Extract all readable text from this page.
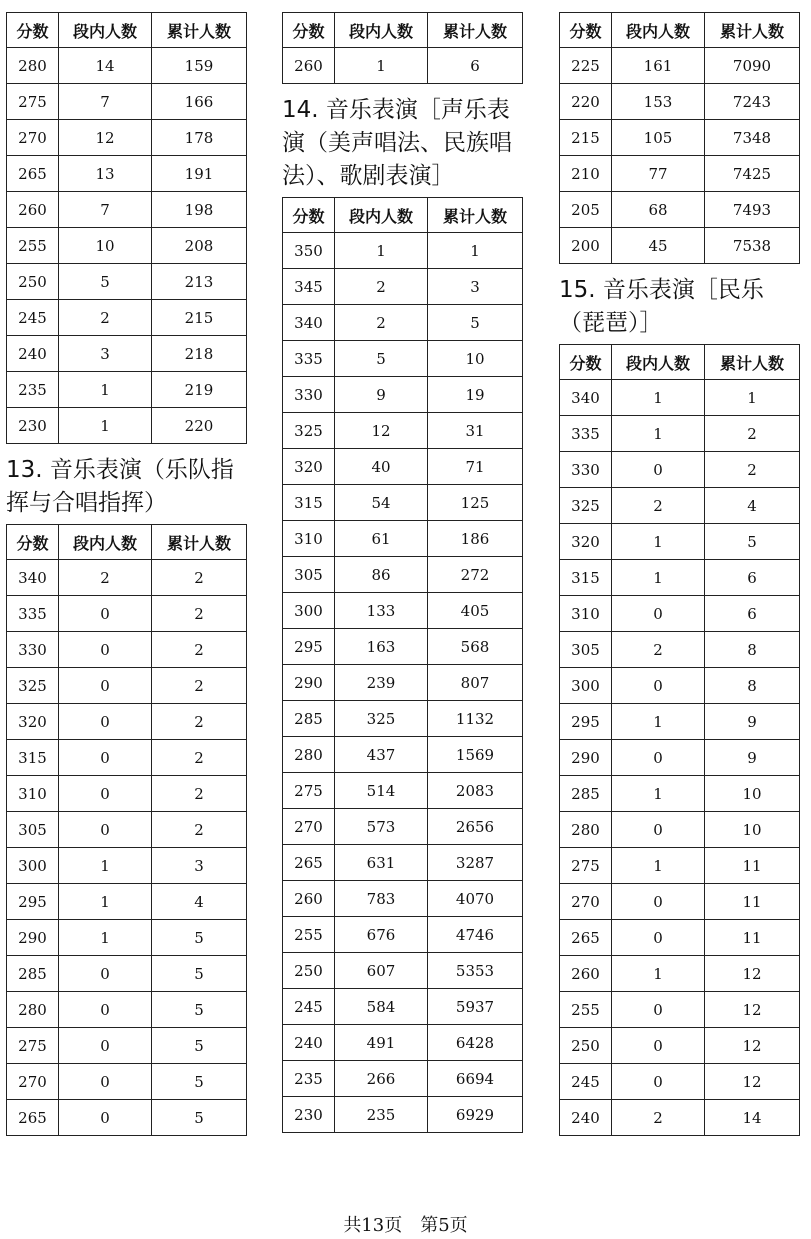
分数	段内人数	累计人数
280	14	159
275	7	166
270	12	178
265	13	191
260	7	198
255	10	208
250	5	213
245	2	215
240	3	218
235	1	219
230	1	220
13. 音乐表演（乐队指挥与合唱指挥）
分数	段内人数	累计人数
340	2	2
335	0	2
330	0	2
325	0	2
320	0	2
315	0	2
310	0	2
305	0	2
300	1	3
295	1	4
290	1	5
285	0	5
280	0	5
275	0	5
270	0	5
265	0	5
分数	段内人数	累计人数
260	1	6
14. 音乐表演［声乐表演（美声唱法、民族唱法）、歌剧表演］
分数	段内人数	累计人数
350	1	1
345	2	3
340	2	5
335	5	10
330	9	19
325	12	31
320	40	71
315	54	125
310	61	186
305	86	272
300	133	405
295	163	568
290	239	807
285	325	1132
280	437	1569
275	514	2083
270	573	2656
265	631	3287
260	783	4070
255	676	4746
250	607	5353
245	584	5937
240	491	6428
235	266	6694
230	235	6929
分数	段内人数	累计人数
225	161	7090
220	153	7243
215	105	7348
210	77	7425
205	68	7493
200	45	7538
15. 音乐表演［民乐（琵琶）］
分数	段内人数	累计人数
340	1	1
335	1	2
330	0	2
325	2	4
320	1	5
315	1	6
310	0	6
305	2	8
300	0	8
295	1	9
290	0	9
285	1	10
280	0	10
275	1	11
270	0	11
265	0	11
260	1	12
255	0	12
250	0	12
245	0	12
240	2	14
共13页　第5页
